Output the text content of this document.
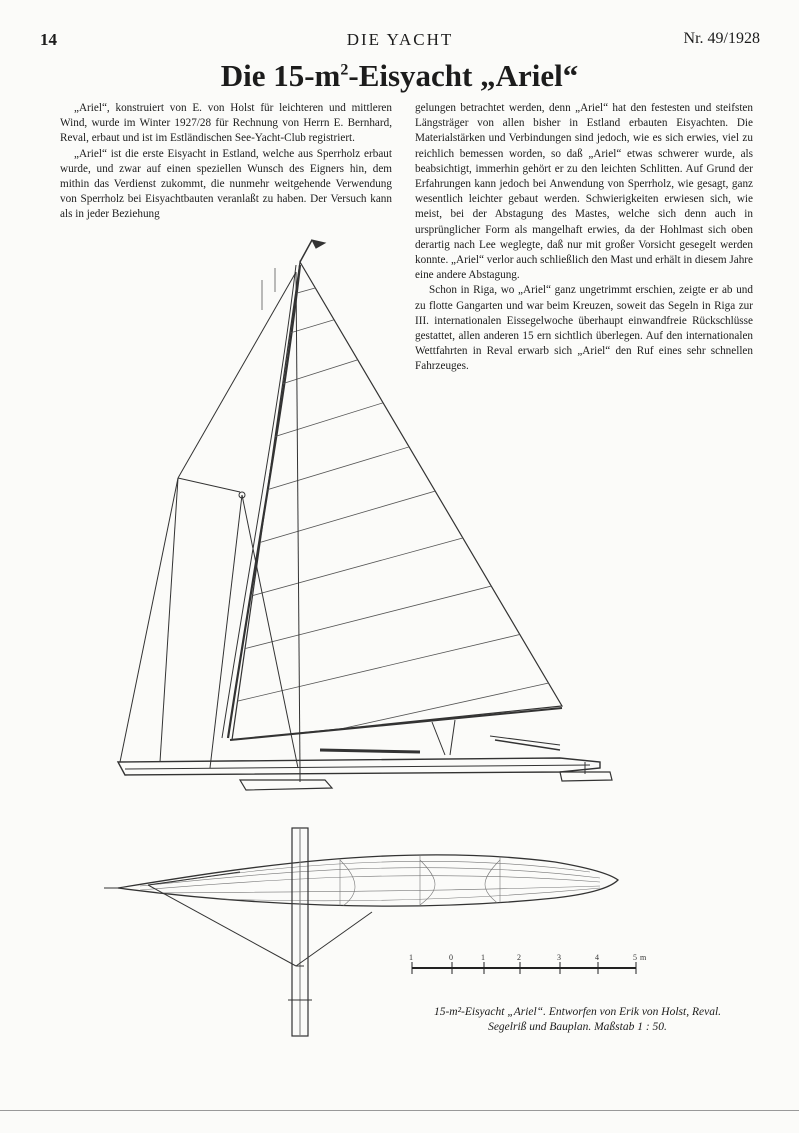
14	DIE YACHT	Nr. 49/1928
Die $15-m^2$-Eisyacht „Ariel“

„Ariel“, konstruiert von E. von Holst für leichteren und mittleren Wind, wurde im Winter 1927/28 für Rechnung von Herrn E. Bernhard, Reval, erbaut und ist im Estländischen See-Yacht-Club registriert.

„Ariel“ ist die erste Eisyacht in Estland, welche aus Sperrholz erbaut wurde, und zwar auf einen speziellen Wunsch des Eigners hin, dem mithin das Verdienst zukommt, die nunmehr weitgehende Verwendung von Sperrholz bei Eisyachtbauten veranlaßt zu haben. Der Versuch kann als in jeder Beziehung

gelungen betrachtet werden, denn „Ariel“ hat den festesten und steifsten Längsträger von allen bisher in Estland erbauten Eisyachten. Die Materialstärken und Verbindungen sind jedoch, wie es sich erwies, viel zu reichlich bemessen worden, so daß „Ariel“ etwas schwerer wurde, als beabsichtigt, immerhin gehört er zu den leichten Schlitten. Auf Grund der Erfahrungen kann jedoch bei Anwendung von Sperrholz, wie gesagt, ganz wesentlich leichter gebaut werden. Schwierigkeiten erwiesen sich, wie meist, bei der Abstagung des Mastes, welche sich denn auch in ursprünglicher Form als mangelhaft erwies, da der Hohlmast sich oben derartig nach Lee weglegte, daß nur mit großer Vorsicht gesegelt werden konnte. „Ariel“ verlor auch schließlich den Mast und erhält in diesem Jahre eine andere Abstagung.

Schon in Riga, wo „Ariel“ ganz ungetrimmt erschien, zeigte er ab und zu flotte Gangarten und war beim Kreuzen, soweit das Segeln in Riga zur III. internationalen Eissegelwoche überhaupt einwandfreie Rückschlüsse gestattet, allen anderen 15 ern sichtlich überlegen. Auf den internationalen Wettfahrten in Reval erwarb sich „Ariel“ den Ruf eines sehr schnellen Fahrzeuges.

1	0	1	2	3	4	5 m
15-m²-Eisyacht „Ariel“. Entworfen von Erik von Holst, Reval.
Segelriß und Bauplan. Maßstab 1 : 50.
